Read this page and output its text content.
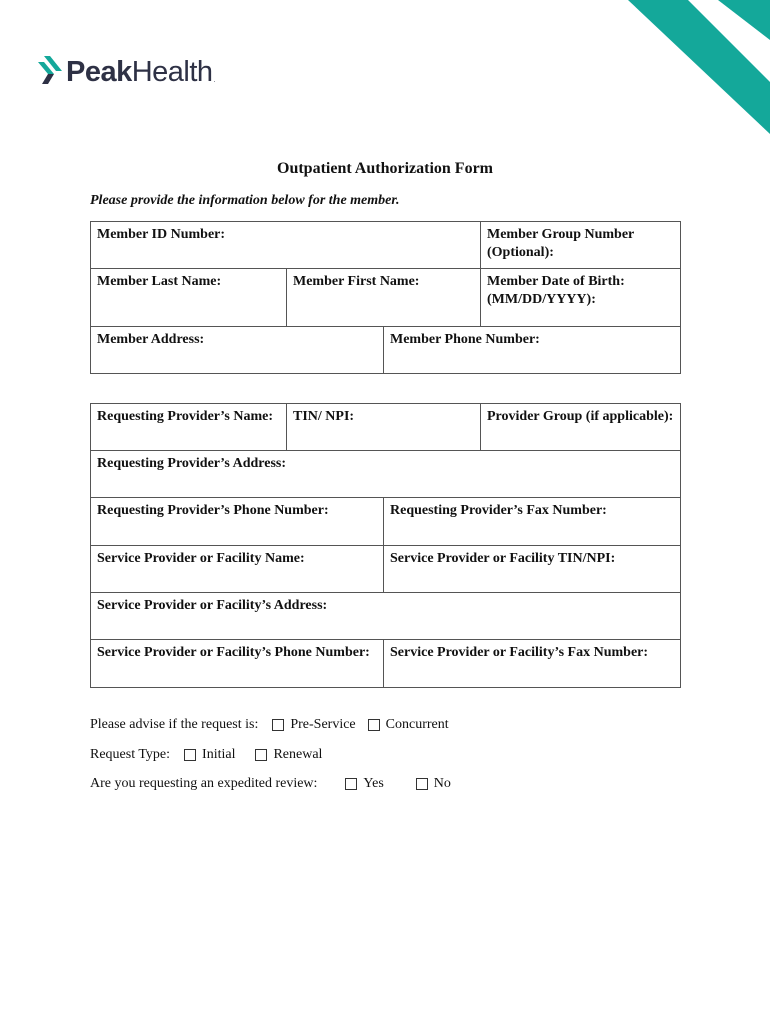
Peak Health .
Outpatient Authorization Form
Please provide the information below for the member.
Member ID Number:			Member Group Number (Optional):
Member Last Name:	Member First Name:		Member Date of Birth: (MM/DD/YYYY):
Member Address:		Member Phone Number:	
Requesting Provider’s Name:	TIN/ NPI:		Provider Group (if applicable):
Requesting Provider’s Address:			
Requesting Provider’s Phone Number:		Requesting Provider’s Fax Number:	
Service Provider or Facility Name:		Service Provider or Facility TIN/NPI:	
Service Provider or Facility’s Address:			
Service Provider or Facility’s Phone Number:		Service Provider or Facility’s Fax Number:	
Please advise if the request is: Pre-Service Concurrent
Request Type: Initial	Renewal
Are you requesting an expedited review:	Yes	No
